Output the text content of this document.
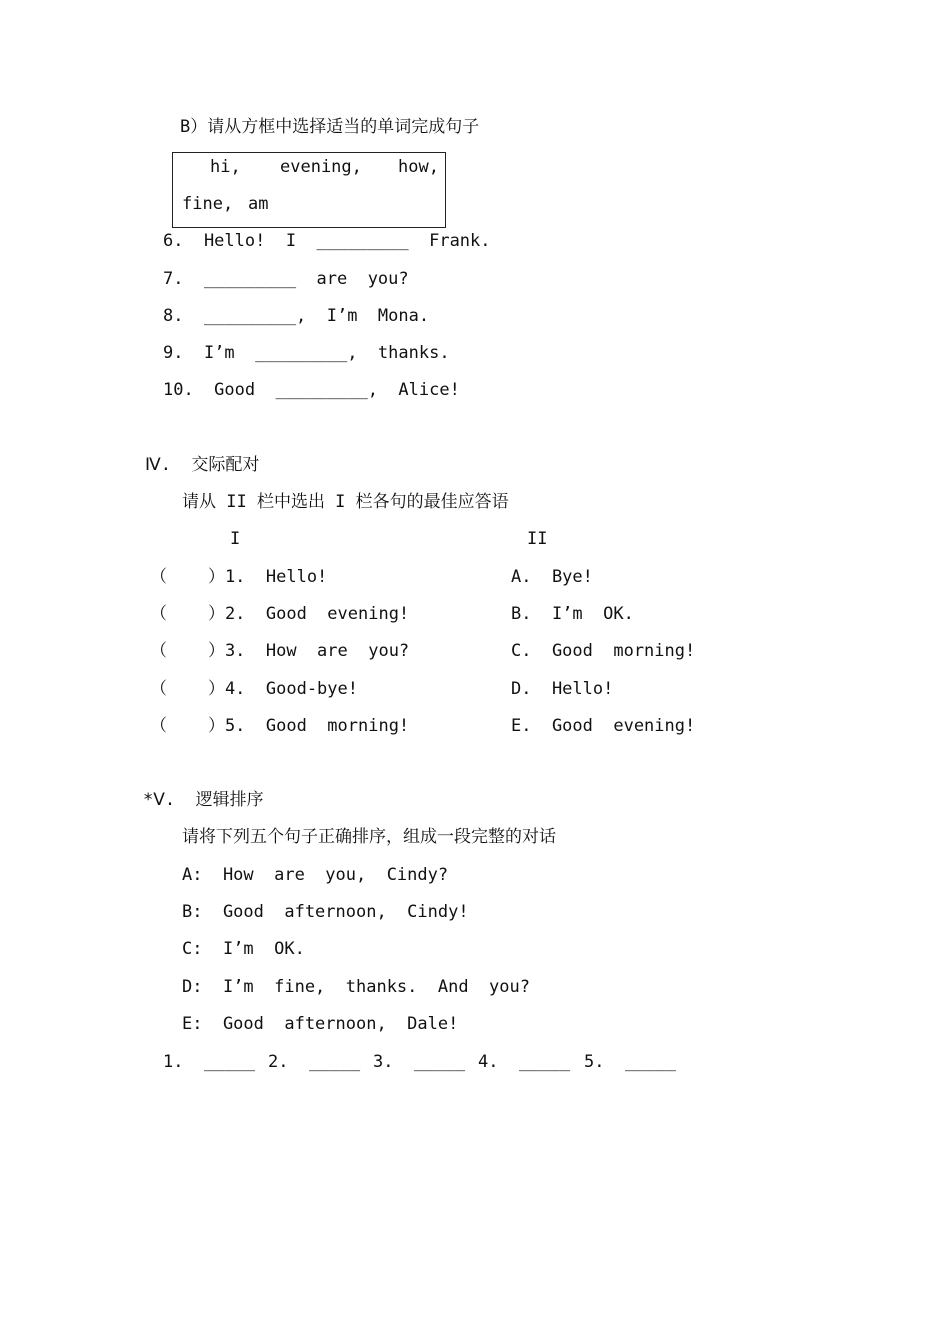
B）请从方框中选择适当的单词完成句子
hi, evening, how,
fine, am
6.  Hello!  I  _________  Frank.
7.  _________  are  you?
8.  _________,  I’m  Mona.
9.  I’m  _________,  thanks.
10.  Good  _________,  Alice!
Ⅳ.  交际配对
请从 II 栏中选出 I 栏各句的最佳应答语
I	II
（    ）1.  Hello!
（    ）2.  Good  evening!
（    ）3.  How  are  you?
（    ）4.  Good-bye!
（    ）5.  Good  morning!
A.  Bye!
B.  I’m  OK.
C.  Good  morning!
D.  Hello!
E.  Good  evening!
*Ⅴ.  逻辑排序
请将下列五个句子正确排序，组成一段完整的对话
A:  How  are  you,  Cindy?
B:  Good  afternoon,  Cindy!
C:  I’m  OK.
D:  I’m  fine,  thanks.  And  you?
E:  Good  afternoon,  Dale!
1.  _____ 2.  _____ 3.  _____ 4.  _____ 5.  _____
